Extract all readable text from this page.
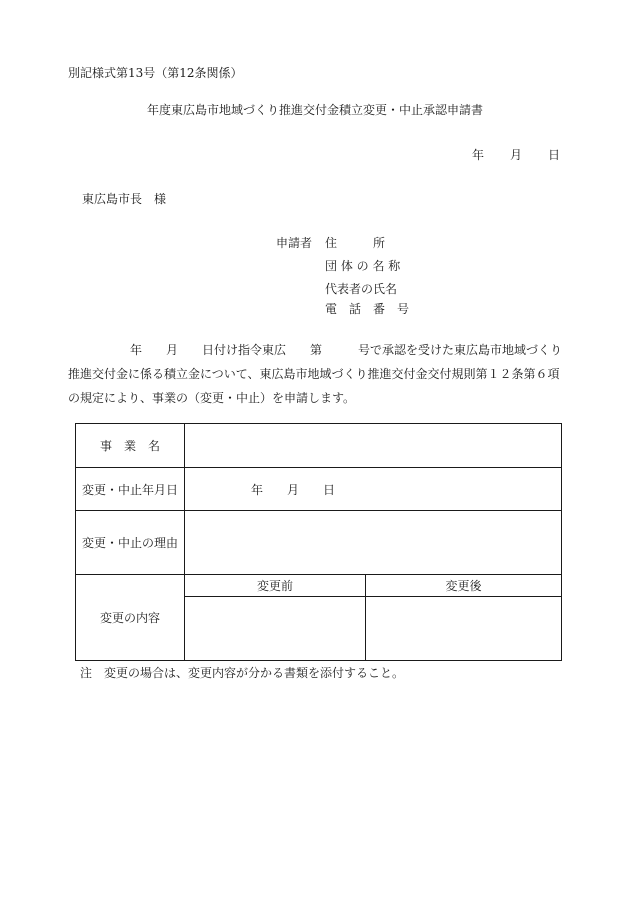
別記様式第13号（第12条関係）
年度東広島市地域づくり推進交付金積立変更・中止承認申請書
年 月 日
東広島市長　様
申請者 住　　　所
団 体 の 名 称
代表者の氏名
電　話　番　号
年　　月　　日付け指令東広　　第　　　号で承認を受けた東広島市地域づくり
推進交付金に係る積立金について、東広島市地域づくり推進交付金交付規則第１２条第６項
の規定により、事業の（変更・中止）を申請します。
事　業　名		
変更・中止年月日	年　　月　　日	
変更・中止の理由		
変更の内容	変更前	変更後

注　変更の場合は、変更内容が分かる書類を添付すること。
